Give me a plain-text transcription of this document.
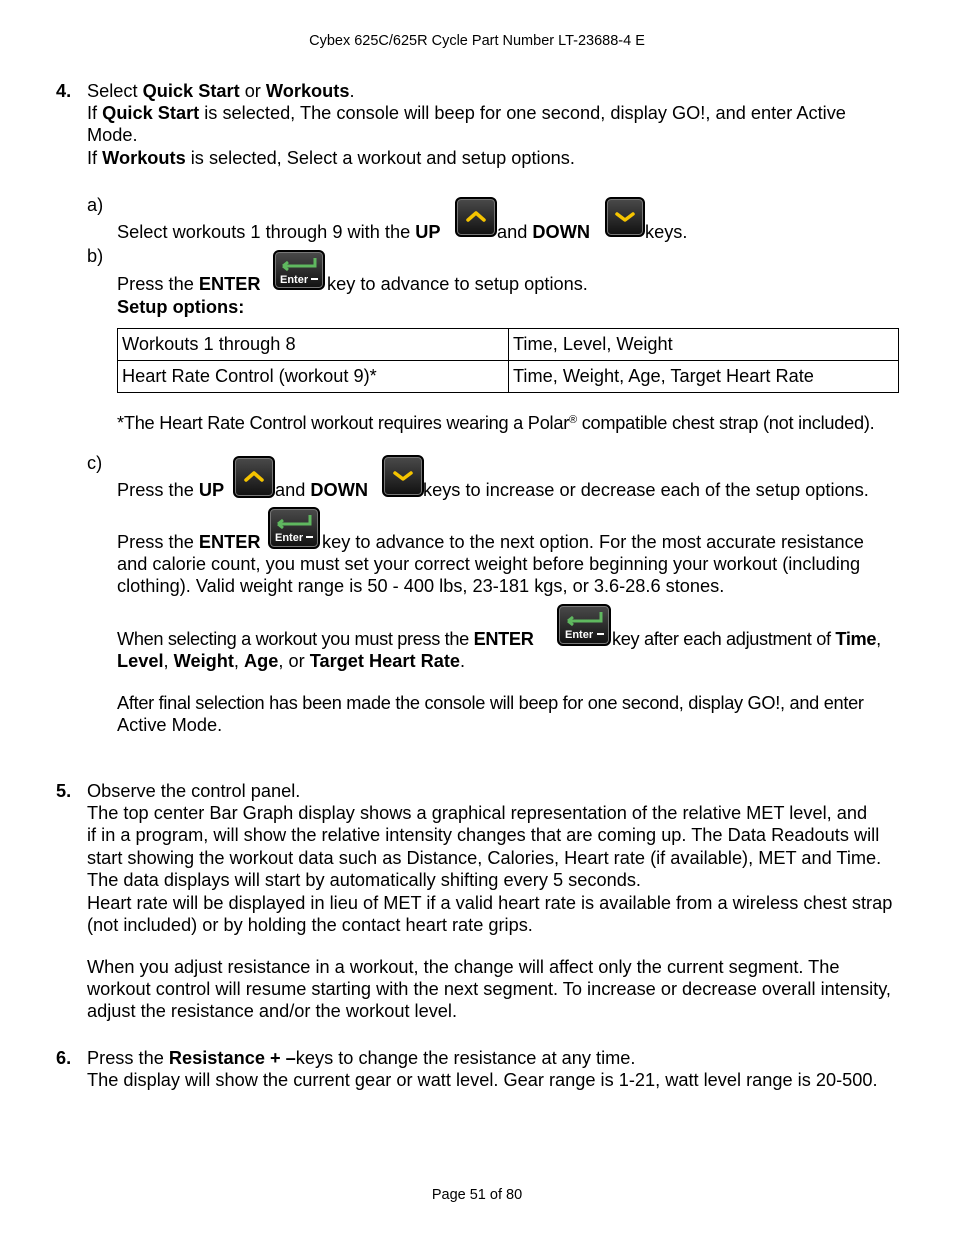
Cybex 625C/625R Cycle Part Number LT-23688-4 E
4. Select Quick Start or Workouts.
If Quick Start is selected, The console will beep for one second, display GO!, and enter Active
Mode.
If Workouts is selected, Select a workout and setup options.
a)
Select workouts 1 through 9 with the UP	and DOWN	keys.
b)
Press the ENTER Enter key to advance to setup options.
Setup options:
Workouts 1 through 8	Time, Level, Weight
Heart Rate Control (workout 9)*	Time, Weight, Age, Target Heart Rate
*The Heart Rate Control workout requires wearing a Polar® compatible chest strap (not included).
c)
Press the UP	and DOWN	keys to increase or decrease each of the setup options.
Press the ENTER Enter key to advance to the next option. For the most accurate resistance
and calorie count, you must set your correct weight before beginning your workout (including
clothing). Valid weight range is 50 - 400 lbs, 23-181 kgs, or 3.6-28.6 stones.
When selecting a workout you must press the ENTER	Enter key after each adjustment of Time,
Level, Weight, Age, or Target Heart Rate.
After final selection has been made the console will beep for one second, display GO!, and enter
Active Mode.
5. Observe the control panel.
The top center Bar Graph display shows a graphical representation of the relative MET level, and
if in a program, will show the relative intensity changes that are coming up. The Data Readouts will
start showing the workout data such as Distance, Calories, Heart rate (if available), MET and Time.
The data displays will start by automatically shifting every 5 seconds.
Heart rate will be displayed in lieu of MET if a valid heart rate is available from a wireless chest strap
(not included) or by holding the contact heart rate grips.
When you adjust resistance in a workout, the change will affect only the current segment. The
workout control will resume starting with the next segment. To increase or decrease overall intensity,
adjust the resistance and/or the workout level.
6. Press the Resistance + –keys to change the resistance at any time.
The display will show the current gear or watt level. Gear range is 1-21, watt level range is 20-500.
Page 51 of 80
